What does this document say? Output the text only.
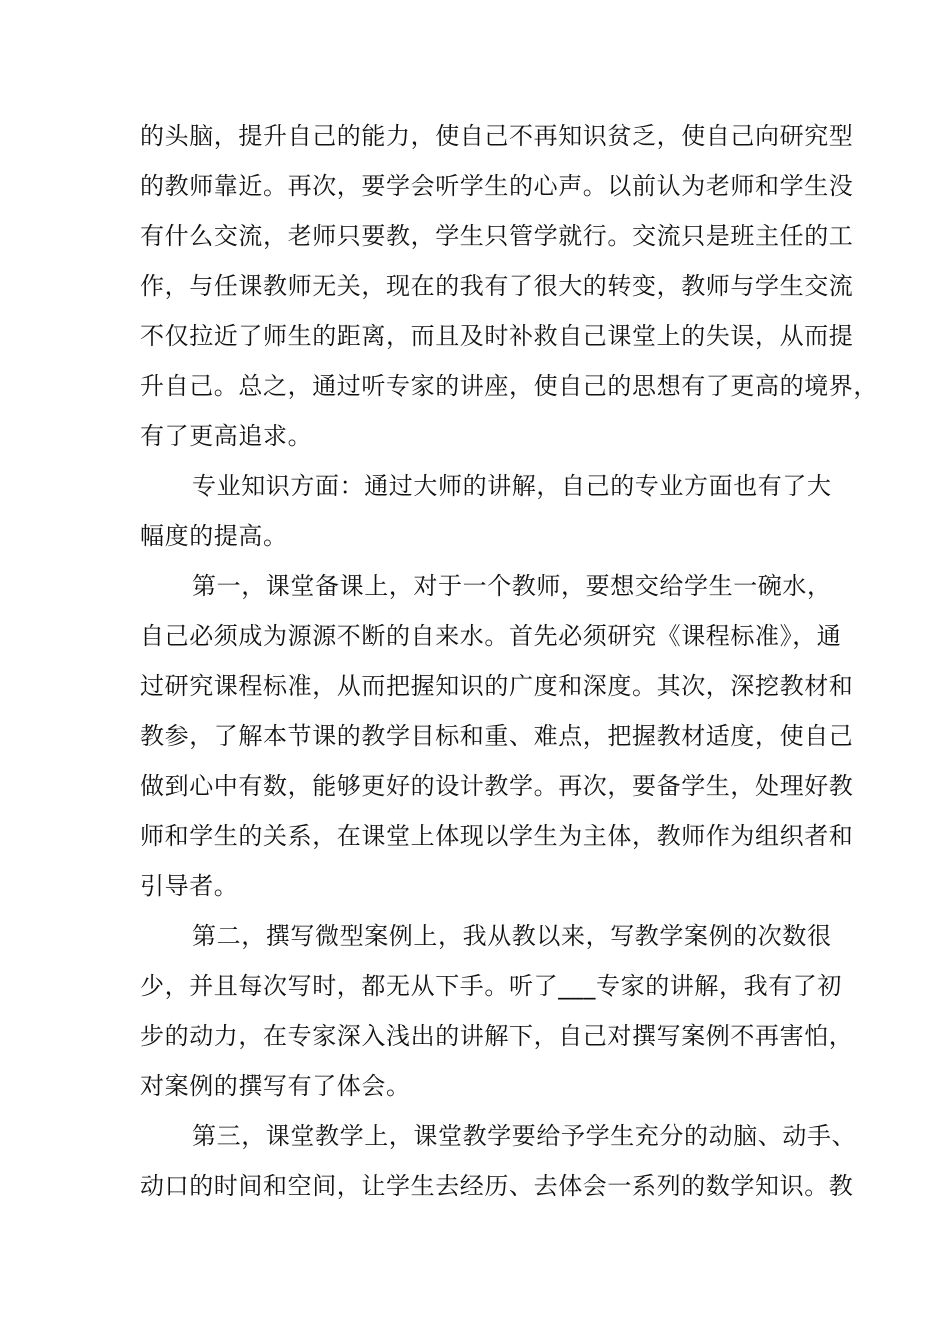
的头脑，提升自己的能力，使自己不再知识贫乏，使自己向研究型
的教师靠近。再次，要学会听学生的心声。以前认为老师和学生没
有什么交流，老师只要教，学生只管学就行。交流只是班主任的工
作，与任课教师无关，现在的我有了很大的转变，教师与学生交流
不仅拉近了师生的距离，而且及时补救自己课堂上的失误，从而提
升自己。总之，通过听专家的讲座，使自己的思想有了更高的境界，
有了更高追求。
专业知识方面：通过大师的讲解，自己的专业方面也有了大
幅度的提高。
第一，课堂备课上，对于一个教师，要想交给学生一碗水，
自己必须成为源源不断的自来水。首先必须研究《课程标准》，通
过研究课程标准，从而把握知识的广度和深度。其次，深挖教材和
教参，了解本节课的教学目标和重、难点，把握教材适度，使自己
做到心中有数，能够更好的设计教学。再次，要备学生，处理好教
师和学生的关系，在课堂上体现以学生为主体，教师作为组织者和
引导者。
第二，撰写微型案例上，我从教以来，写教学案例的次数很
少，并且每次写时，都无从下手。听了___专家的讲解，我有了初
步的动力，在专家深入浅出的讲解下，自己对撰写案例不再害怕，
对案例的撰写有了体会。
第三，课堂教学上，课堂教学要给予学生充分的动脑、动手、
动口的时间和空间，让学生去经历、去体会一系列的数学知识。教
